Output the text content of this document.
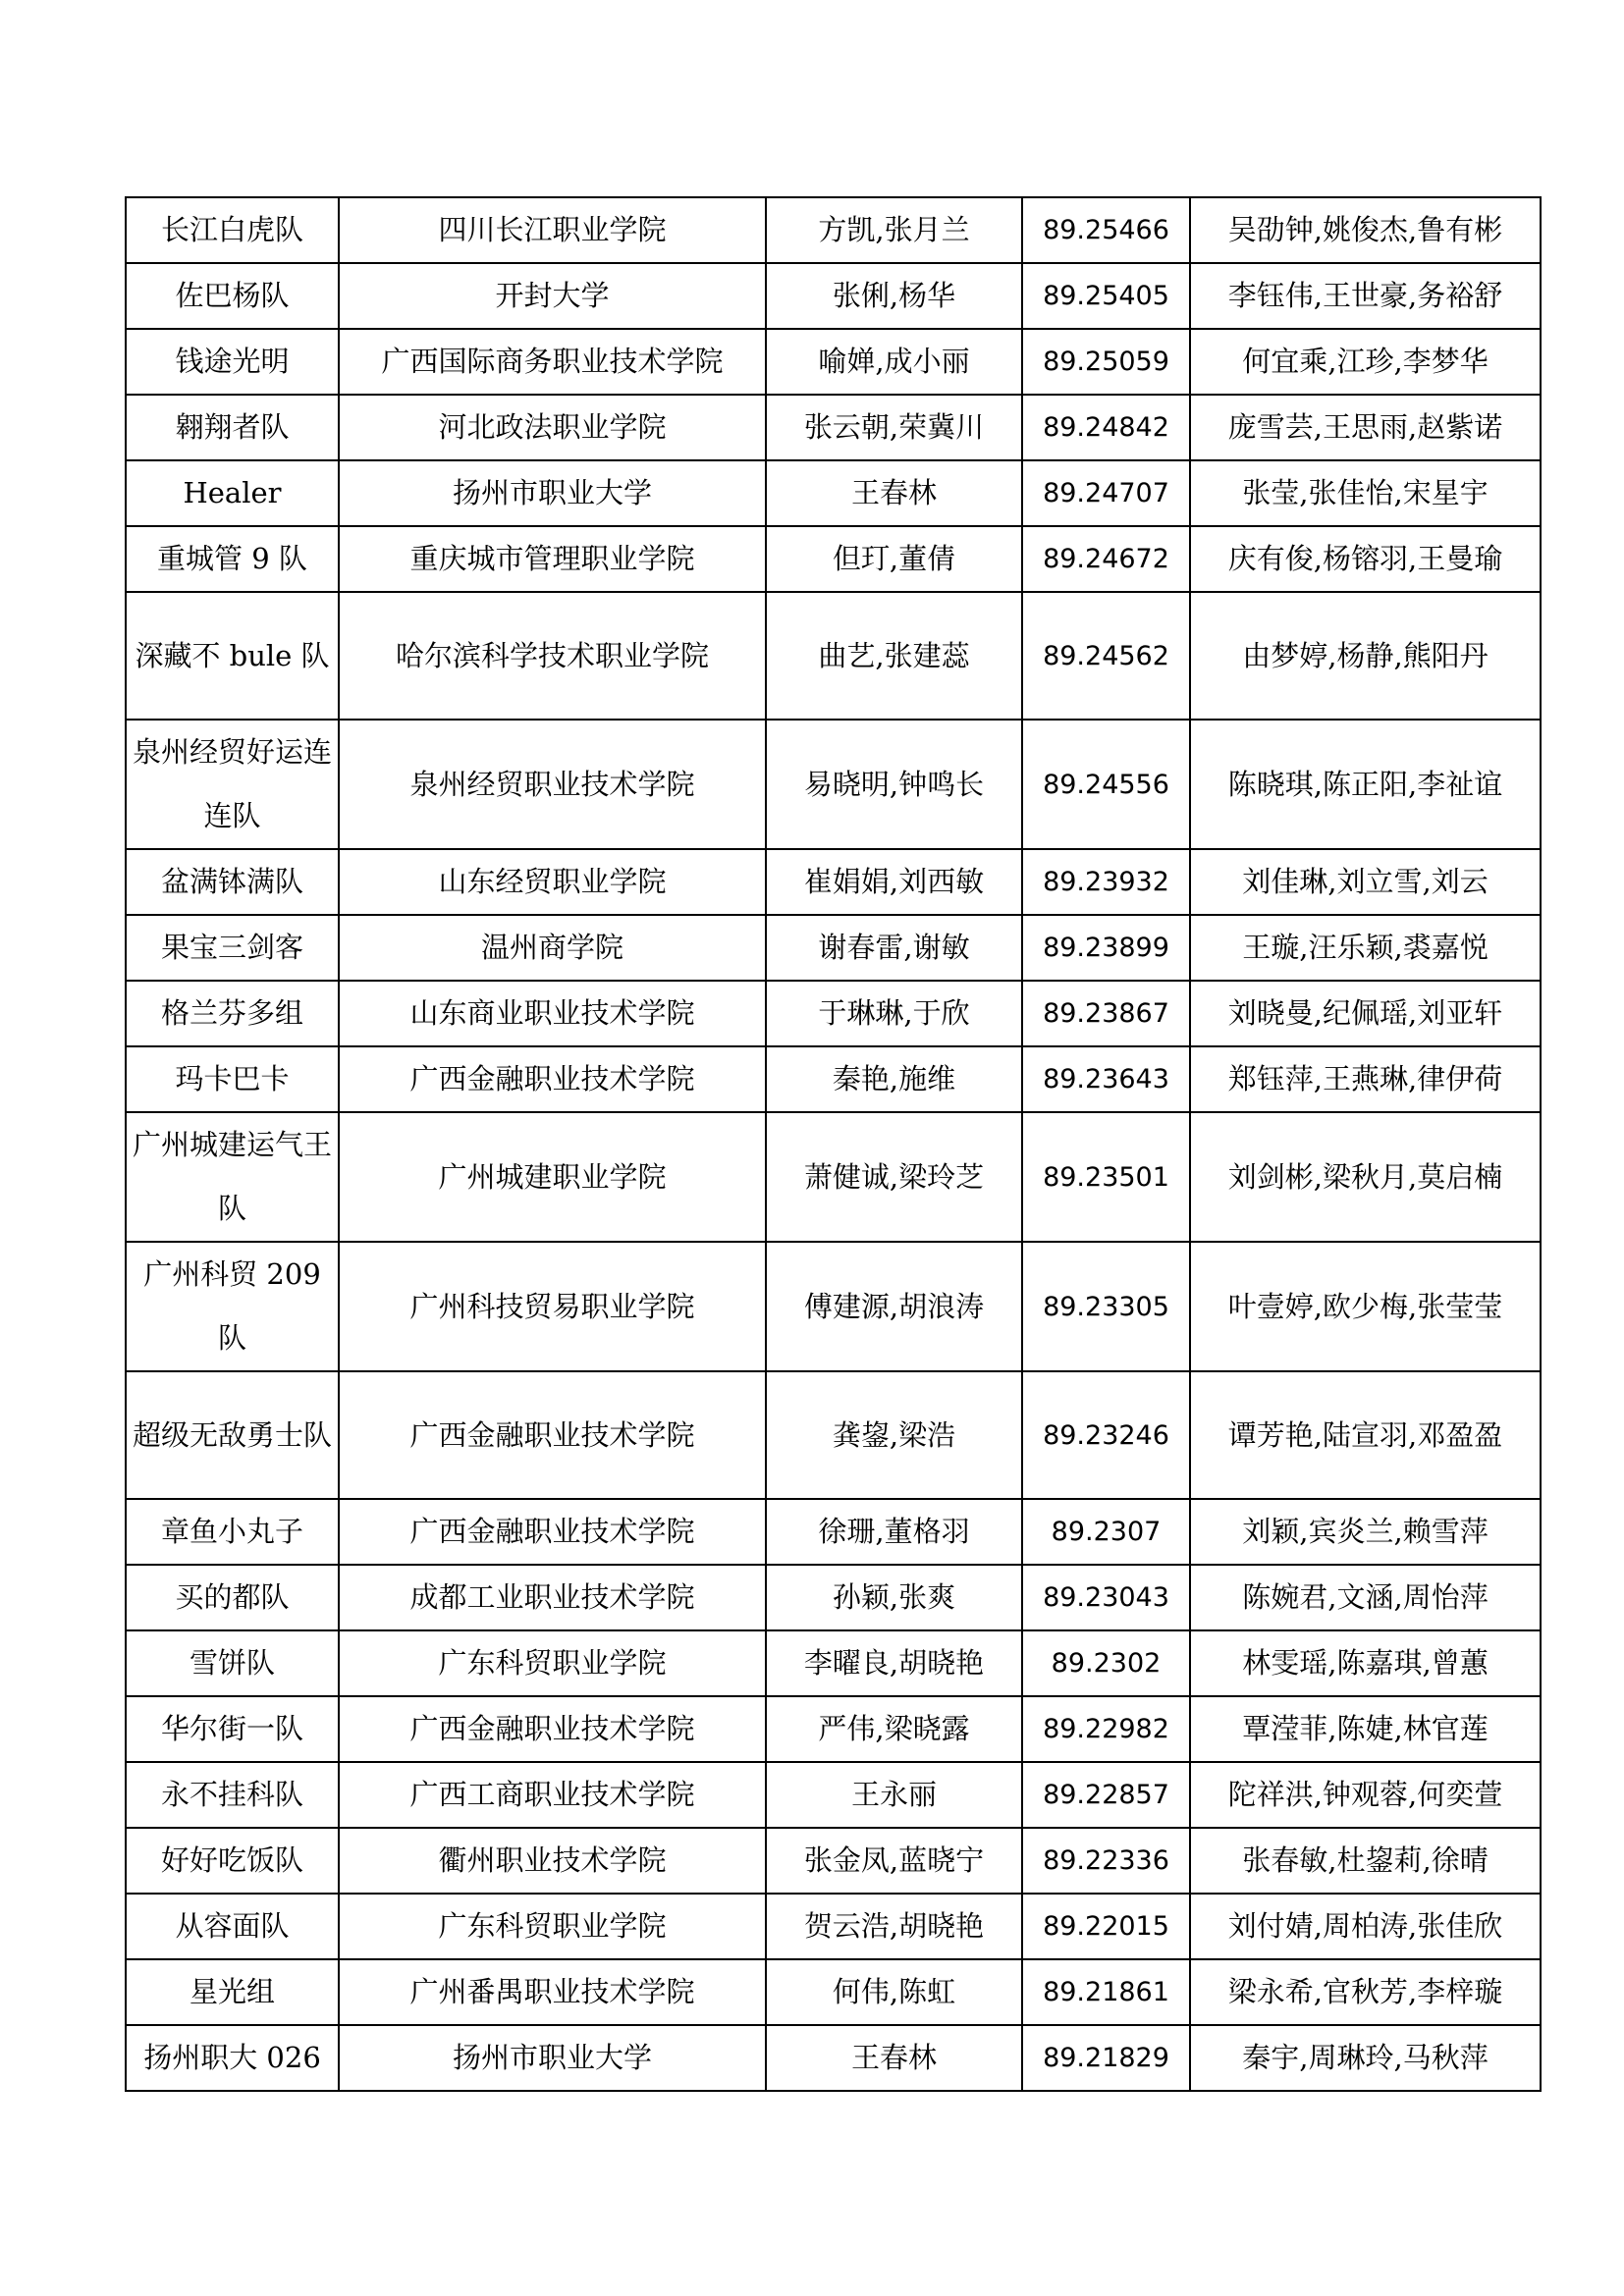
长江白虎队	四川长江职业学院	方凯,张月兰	89.25466	吴劭钟,姚俊杰,鲁有彬
佐巴杨队	开封大学	张俐,杨华	89.25405	李钰伟,王世豪,务裕舒
钱途光明	广西国际商务职业技术学院	喻婵,成小丽	89.25059	何宜乘,江珍,李梦华
翱翔者队	河北政法职业学院	张云朝,荣冀川	89.24842	庞雪芸,王思雨,赵紫诺
Healer	扬州市职业大学	王春林	89.24707	张莹,张佳怡,宋星宇
重城管 9 队	重庆城市管理职业学院	但玎,董倩	89.24672	庆有俊,杨镕羽,王曼瑜
深藏不 bule 队	哈尔滨科学技术职业学院	曲艺,张建蕊	89.24562	由梦婷,杨静,熊阳丹
泉州经贸好运连连队	泉州经贸职业技术学院	易晓明,钟鸣长	89.24556	陈晓琪,陈正阳,李祉谊
盆满钵满队	山东经贸职业学院	崔娟娟,刘西敏	89.23932	刘佳琳,刘立雪,刘云
果宝三剑客	温州商学院	谢春雷,谢敏	89.23899	王璇,汪乐颖,裘嘉悦
格兰芬多组	山东商业职业技术学院	于琳琳,于欣	89.23867	刘晓曼,纪佩瑶,刘亚轩
玛卡巴卡	广西金融职业技术学院	秦艳,施维	89.23643	郑钰萍,王燕琳,律伊荷
广州城建运气王队	广州城建职业学院	萧健诚,梁玲芝	89.23501	刘剑彬,梁秋月,莫启楠
广州科贸 209 队	广州科技贸易职业学院	傅建源,胡浪涛	89.23305	叶壹婷,欧少梅,张莹莹
超级无敌勇士队	广西金融职业技术学院	龚鋆,梁浩	89.23246	谭芳艳,陆宣羽,邓盈盈
章鱼小丸子	广西金融职业技术学院	徐珊,董格羽	89.2307	刘颖,宾炎兰,赖雪萍
买的都队	成都工业职业技术学院	孙颖,张爽	89.23043	陈婉君,文涵,周怡萍
雪饼队	广东科贸职业学院	李曜良,胡晓艳	89.2302	林雯瑶,陈嘉琪,曾蕙
华尔街一队	广西金融职业技术学院	严伟,梁晓露	89.22982	覃滢菲,陈婕,林官莲
永不挂科队	广西工商职业技术学院	王永丽	89.22857	陀祥洪,钟观蓉,何奕萱
好好吃饭队	衢州职业技术学院	张金凤,蓝晓宁	89.22336	张春敏,杜鋆莉,徐晴
从容面队	广东科贸职业学院	贺云浩,胡晓艳	89.22015	刘付婧,周柏涛,张佳欣
星光组	广州番禺职业技术学院	何伟,陈虹	89.21861	梁永希,官秋芳,李梓璇
扬州职大 026	扬州市职业大学	王春林	89.21829	秦宇,周琳玲,马秋萍
